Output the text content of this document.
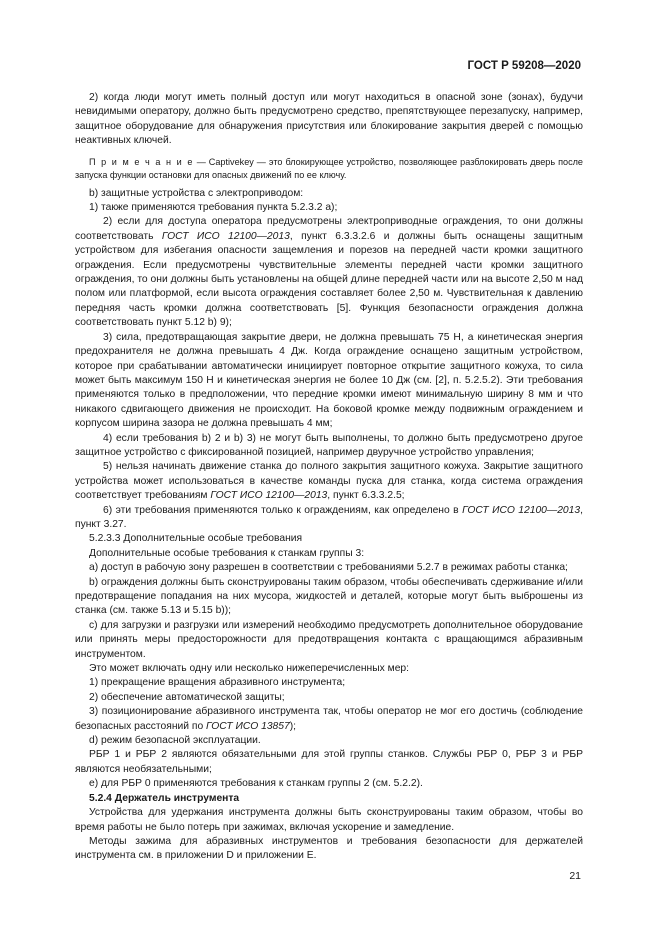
ГОСТ Р 59208—2020

2) когда люди могут иметь полный доступ или могут находиться в опасной зоне (зонах), будучи невидимыми оператору, должно быть предусмотрено средство, препятствующее перезапуску, например, защитное оборудование для обнаружения присутствия или блокирование закрытия дверей с помощью неактивных ключей.

П р и м е ч а н и е — Captivekey — это блокирующее устройство, позволяющее разблокировать дверь после запуска функции остановки для опасных движений по ее ключу.

b) защитные устройства с электроприводом:

1) также применяются требования пункта 5.2.3.2 а);

2) если для доступа оператора предусмотрены электроприводные ограждения, то они должны соответствовать ГОСТ ИСО 12100—2013, пункт 6.3.3.2.6 и должны быть оснащены защитным устройством для избегания опасности защемления и порезов на передней части кромки защитного ограждения. Если предусмотрены чувствительные элементы передней части кромки защитного ограждения, то они должны быть установлены на общей длине передней части или на высоте 2,50 м над полом или платформой, если высота ограждения составляет более 2,50 м. Чувствительная к давлению передняя часть кромки должна соответствовать [5]. Функция безопасности ограждения должна соответствовать пункт 5.12 b) 9);

3) сила, предотвращающая закрытие двери, не должна превышать 75 Н, а кинетическая энергия предохранителя не должна превышать 4 Дж. Когда ограждение оснащено защитным устройством, которое при срабатывании автоматически инициирует повторное открытие защитного кожуха, то сила может быть максимум 150 Н и кинетическая энергия не более 10 Дж (см. [2], п. 5.2.5.2). Эти требования применяются только в предположении, что передние кромки имеют минимальную ширину 8 мм и что никакого сдвигающего движения не происходит. На боковой кромке между подвижным ограждением и корпусом ширина зазора не должна превышать 4 мм;

4) если требования b) 2 и b) 3) не могут быть выполнены, то должно быть предусмотрено другое защитное устройство с фиксированной позицией, например двуручное устройство управления;

5) нельзя начинать движение станка до полного закрытия защитного кожуха. Закрытие защитного устройства может использоваться в качестве команды пуска для станка, когда система ограждения соответствует требованиям ГОСТ ИСО 12100—2013, пункт 6.3.3.2.5;

6) эти требования применяются только к ограждениям, как определено в ГОСТ ИСО 12100—2013, пункт 3.27.

5.2.3.3 Дополнительные особые требования

Дополнительные особые требования к станкам группы 3:

а) доступ в рабочую зону разрешен в соответствии с требованиями 5.2.7 в режимах работы станка;

b) ограждения должны быть сконструированы таким образом, чтобы обеспечивать сдерживание и/или предотвращение попадания на них мусора, жидкостей и деталей, которые могут быть выброшены из станка (см. также 5.13 и 5.15 b));

с) для загрузки и разгрузки или измерений необходимо предусмотреть дополнительное оборудование или принять меры предосторожности для предотвращения контакта с вращающимся абразивным инструментом.

Это может включать одну или несколько нижеперечисленных мер:

1) прекращение вращения абразивного инструмента;

2) обеспечение автоматической защиты;

3) позиционирование абразивного инструмента так, чтобы оператор не мог его достичь (соблюдение безопасных расстояний по ГОСТ ИСО 13857);

d) режим безопасной эксплуатации.

РБР 1 и РБР 2 являются обязательными для этой группы станков. Службы РБР 0, РБР 3 и РБР являются необязательными;

е) для РБР 0 применяются требования к станкам группы 2 (см. 5.2.2).

5.2.4 Держатель инструмента

Устройства для удержания инструмента должны быть сконструированы таким образом, чтобы во время работы не было потерь при зажимах, включая ускорение и замедление.

Методы зажима для абразивных инструментов и требования безопасности для держателей инструмента см. в приложении D и приложении E.

21
